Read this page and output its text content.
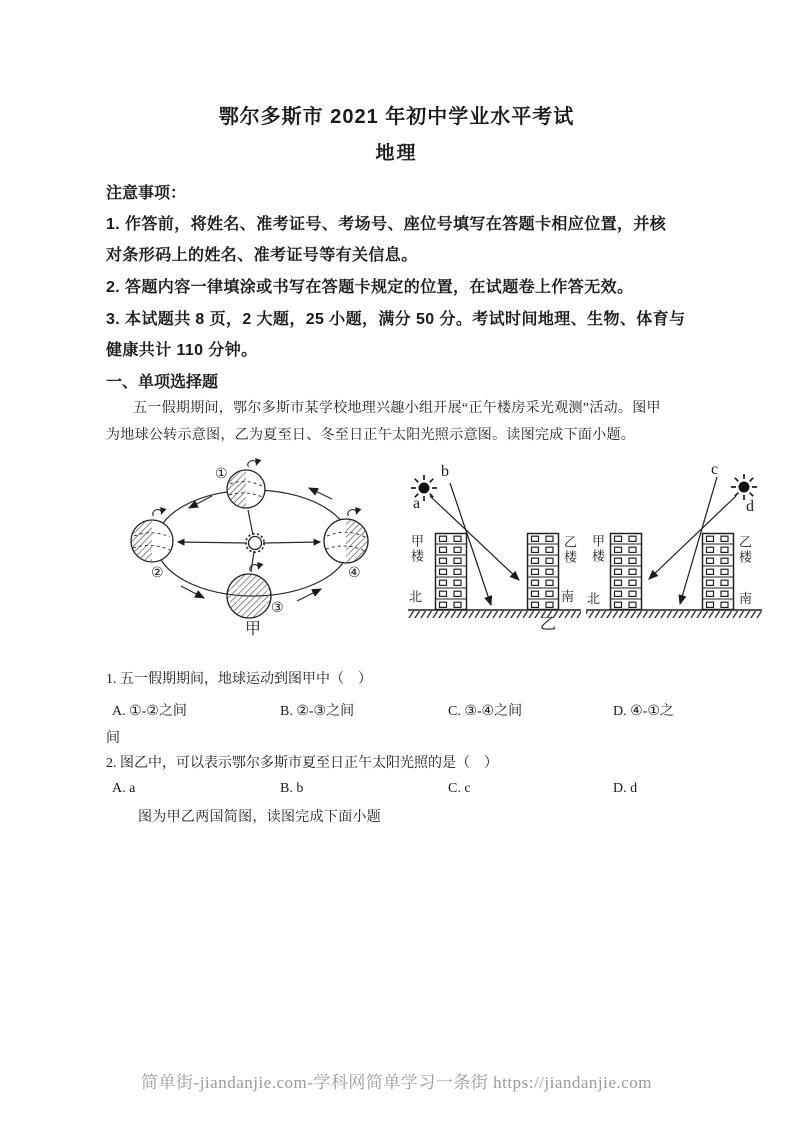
鄂尔多斯市 2021 年初中学业水平考试
地理
注意事项：
1. 作答前，将姓名、准考证号、考场号、座位号填写在答题卡相应位置，并核
对条形码上的姓名、准考证号等有关信息。
2. 答题内容一律填涂或书写在答题卡规定的位置，在试题卷上作答无效。
3. 本试题共 8 页，2 大题，25 小题，满分 50 分。考试时间地理、生物、体育与
健康共计 110 分钟。
一、单项选择题
五一假期期间，鄂尔多斯市某学校地理兴趣小组开展“正午楼房采光观测”活动。图甲
为地球公转示意图，乙为夏至日、冬至日正午太阳光照示意图。读图完成下面小题。
①
②
③
④
甲
b
a
甲楼	乙楼
北	南
乙
c
d
甲楼	乙楼
北	南
1. 五一假期期间，地球运动到图甲中（　）
A. ①-②之间	B. ②-③之间	C. ③-④之间	D. ④-①之
间
2. 图乙中，可以表示鄂尔多斯市夏至日正午太阳光照的是（　）
A. a	B. b	C. c	D. d
图为甲乙两国简图，读图完成下面小题
简单街-jiandanjie.com-学科网简单学习一条街 https://jiandanjie.com
